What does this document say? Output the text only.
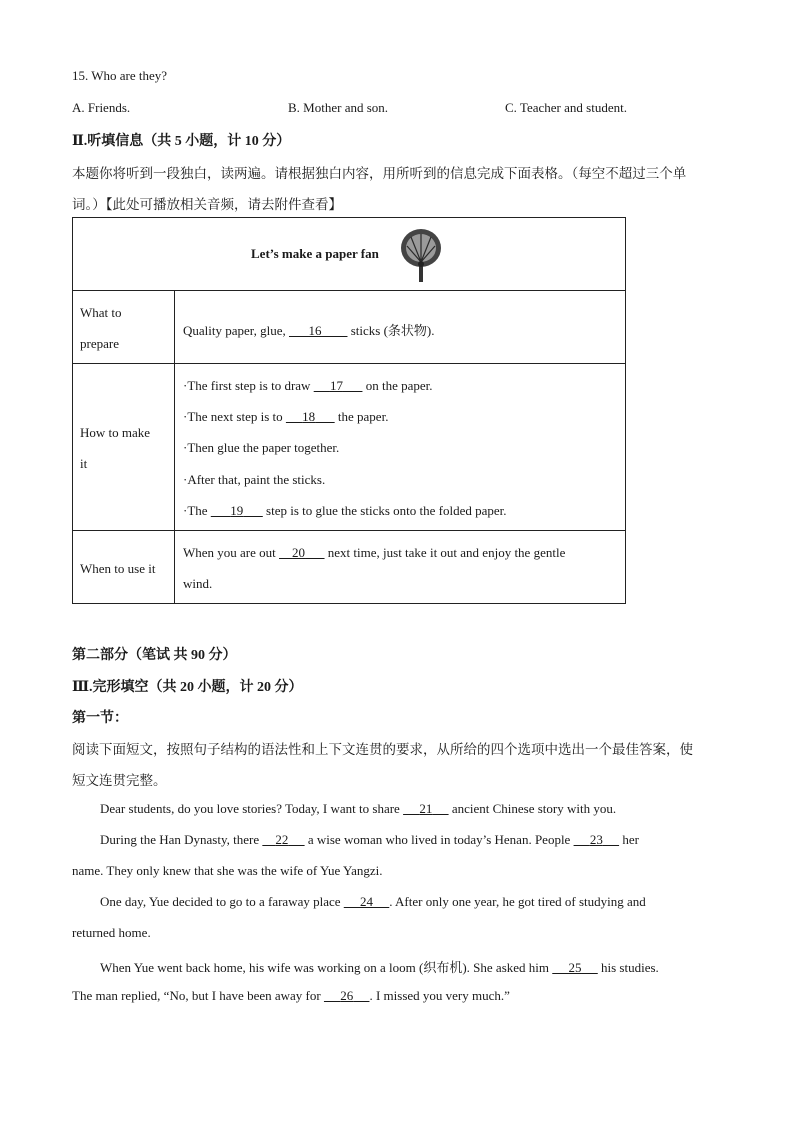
15. Who are they?
A. Friends.	B. Mother and son.	C. Teacher and student.
Ⅱ.听填信息（共 5 小题，计 10 分）
本题你将听到一段独白，读两遍。请根据独白内容，用所听到的信息完成下面表格。（每空不超过三个单
词。）【此处可播放相关音频，请去附件查看】
Let’s make a paper fan
What to
prepare
Quality paper, glue,       16         sticks (条状物).
How to make
it
·The first step is to draw      17       on the paper.
·The next step is to      18       the paper.
·Then glue the paper together.
·After that, paint the sticks.
·The       19       step is to glue the sticks onto the folded paper.
When to use it
When you are out     20       next time, just take it out and enjoy the gentle
wind.
第二部分（笔试 共 90 分）
Ⅲ.完形填空（共 20 小题，计 20 分）
第一节：
阅读下面短文，按照句子结构的语法性和上下文连贯的要求，从所给的四个选项中选出一个最佳答案，使
短文连贯完整。
Dear students, do you love stories? Today, I want to share      21      ancient Chinese story with you.
During the Han Dynasty, there     22      a wise woman who lived in today’s Henan. People      23      her
name. They only knew that she was the wife of Yue Yangzi.
One day, Yue decided to go to a faraway place      24 . After only one year, he got tired of studying and
returned home.
When Yue went back home, his wife was working on a loom (织布机). She asked him      25      his studies.
The man replied, “No, but I have been away for      26 . I missed you very much.”
